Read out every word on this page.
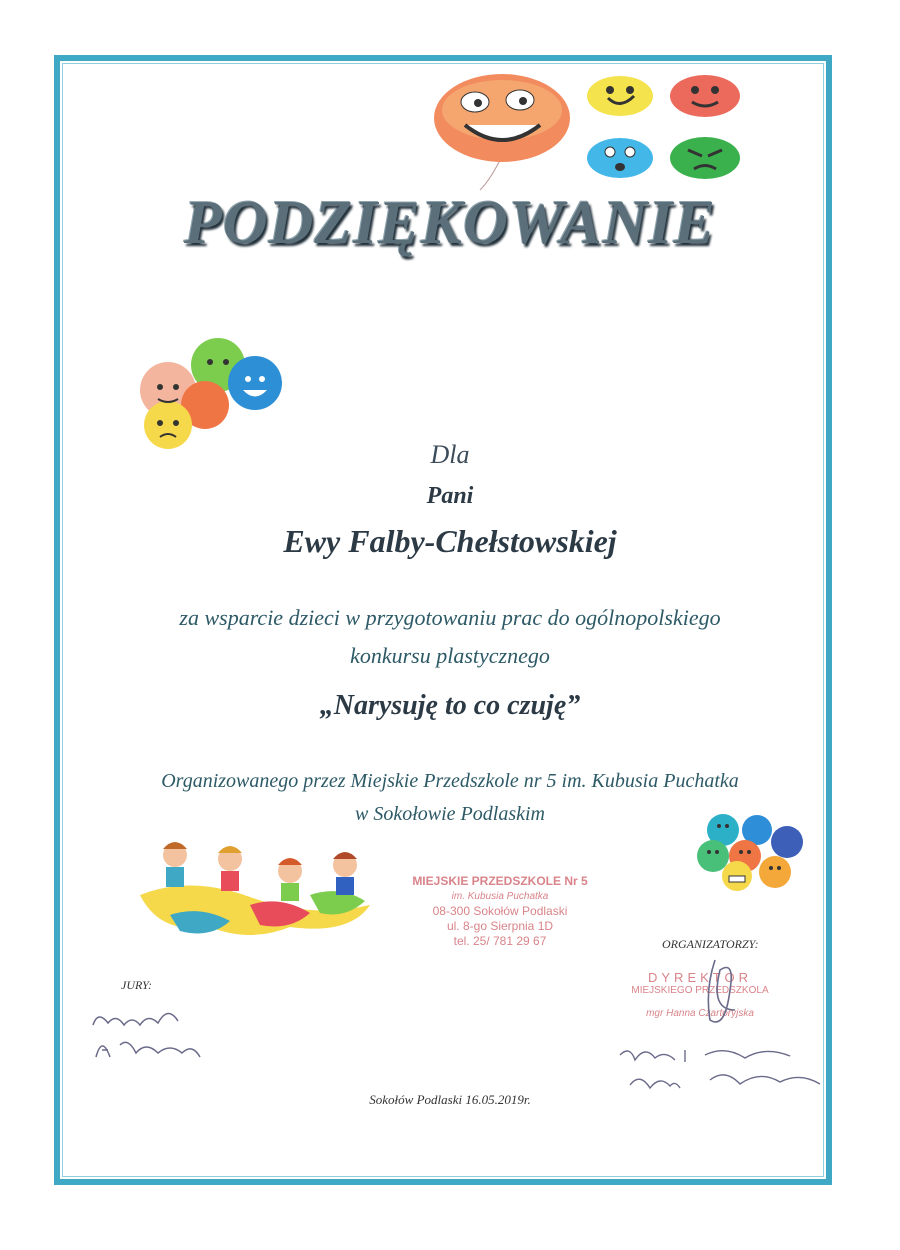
PODZIĘKOWANIE
Dla
Pani
Ewy Falby-Chełstowskiej
za wsparcie dzieci w przygotowaniu prac do ogólnopolskiego
konkursu plastycznego
„Narysuję to co czuję”
Organizowanego przez Miejskie Przedszkole nr 5 im. Kubusia Puchatka
w Sokołowie Podlaskim
MIEJSKIE PRZEDSZKOLE Nr 5
im. Kubusia Puchatka
08-300 Sokołów Podlaski
ul. 8-go Sierpnia 1D
tel. 25/ 781 29 67	ORGANIZATORZY:
DYREKTOR
MIEJSKIEGO PRZEDSZKOLA
mgr Hanna Czartoryjska
JURY:
Sokołów Podlaski 16.05.2019r.
